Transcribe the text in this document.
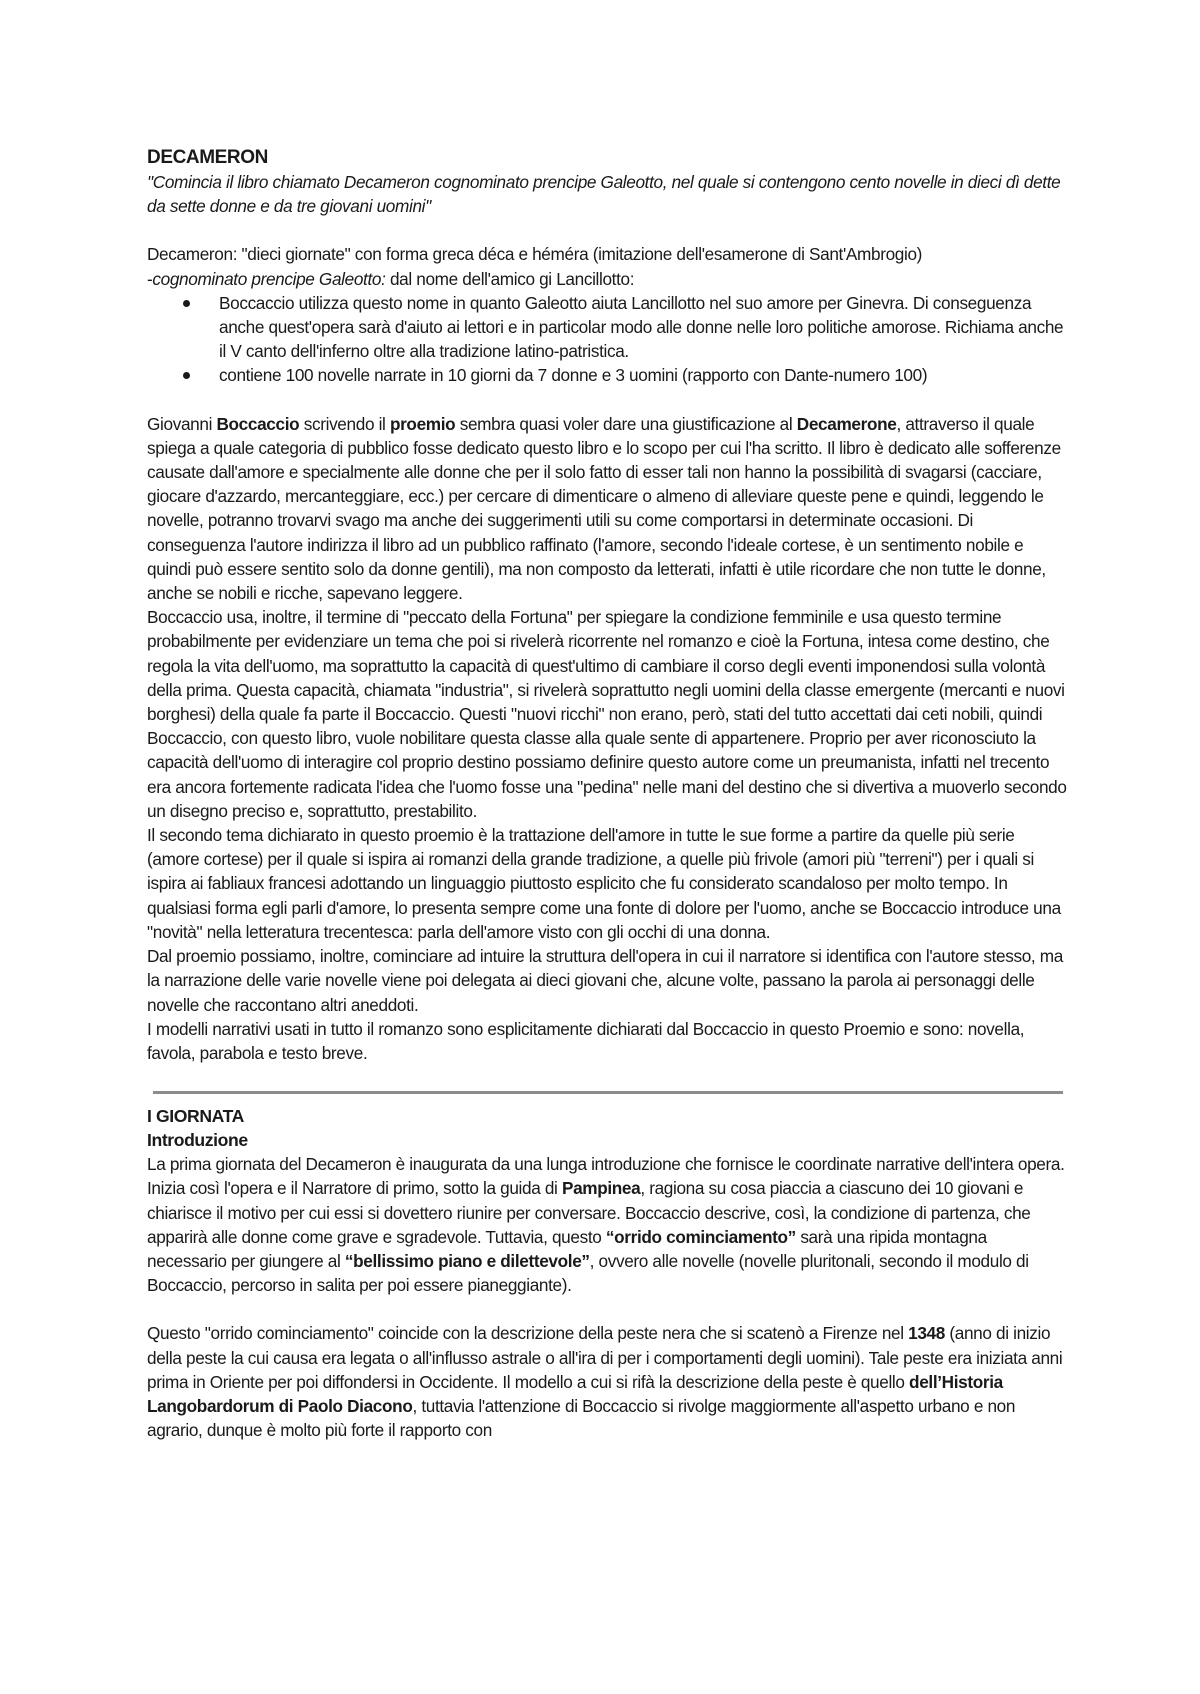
DECAMERON

"Comincia il libro chiamato Decameron cognominato prencipe Galeotto, nel quale si contengono cento novelle in dieci dì dette da sette donne e da tre giovani uomini"

Decameron: "dieci giornate" con forma greca déca e héméra (imitazione dell'esamerone di Sant'Ambrogio)

-cognominato prencipe Galeotto: dal nome dell'amico gi Lancillotto:

Boccaccio utilizza questo nome in quanto Galeotto aiuta Lancillotto nel suo amore per Ginevra. Di conseguenza anche quest'opera sarà d'aiuto ai lettori e in particolar modo alle donne nelle loro politiche amorose. Richiama anche il V canto dell'inferno oltre alla tradizione latino-patristica.
contiene 100 novelle narrate in 10 giorni da 7 donne e 3 uomini (rapporto con Dante-numero 100)

Giovanni Boccaccio scrivendo il proemio sembra quasi voler dare una giustificazione al Decamerone, attraverso il quale spiega a quale categoria di pubblico fosse dedicato questo libro e lo scopo per cui l'ha scritto. Il libro è dedicato alle sofferenze causate dall'amore e specialmente alle donne che per il solo fatto di esser tali non hanno la possibilità di svagarsi (cacciare, giocare d'azzardo, mercanteggiare, ecc.) per cercare di dimenticare o almeno di alleviare queste pene e quindi, leggendo le novelle, potranno trovarvi svago ma anche dei suggerimenti utili su come comportarsi in determinate occasioni. Di conseguenza l'autore indirizza il libro ad un pubblico raffinato (l'amore, secondo l'ideale cortese, è un sentimento nobile e quindi può essere sentito solo da donne gentili), ma non composto da letterati, infatti è utile ricordare che non tutte le donne, anche se nobili e ricche, sapevano leggere.

Boccaccio usa, inoltre, il termine di "peccato della Fortuna" per spiegare la condizione femminile e usa questo termine probabilmente per evidenziare un tema che poi si rivelerà ricorrente nel romanzo e cioè la Fortuna, intesa come destino, che regola la vita dell'uomo, ma soprattutto la capacità di quest'ultimo di cambiare il corso degli eventi imponendosi sulla volontà della prima. Questa capacità, chiamata "industria", si rivelerà soprattutto negli uomini della classe emergente (mercanti e nuovi borghesi) della quale fa parte il Boccaccio. Questi "nuovi ricchi" non erano, però, stati del tutto accettati dai ceti nobili, quindi Boccaccio, con questo libro, vuole nobilitare questa classe alla quale sente di appartenere. Proprio per aver riconosciuto la capacità dell'uomo di interagire col proprio destino possiamo definire questo autore come un preumanista, infatti nel trecento era ancora fortemente radicata l'idea che l'uomo fosse una "pedina" nelle mani del destino che si divertiva a muoverlo secondo un disegno preciso e, soprattutto, prestabilito.

Il secondo tema dichiarato in questo proemio è la trattazione dell'amore in tutte le sue forme a partire da quelle più serie (amore cortese) per il quale si ispira ai romanzi della grande tradizione, a quelle più frivole (amori più "terreni") per i quali si ispira ai fabliaux francesi adottando un linguaggio piuttosto esplicito che fu considerato scandaloso per molto tempo. In qualsiasi forma egli parli d'amore, lo presenta sempre come una fonte di dolore per l'uomo, anche se Boccaccio introduce una "novità" nella letteratura trecentesca: parla dell'amore visto con gli occhi di una donna.

Dal proemio possiamo, inoltre, cominciare ad intuire la struttura dell'opera in cui il narratore si identifica con l'autore stesso, ma la narrazione delle varie novelle viene poi delegata ai dieci giovani che, alcune volte, passano la parola ai personaggi delle novelle che raccontano altri aneddoti.

I modelli narrativi usati in tutto il romanzo sono esplicitamente dichiarati dal Boccaccio in questo Proemio e sono: novella, favola, parabola e testo breve.

I GIORNATA
Introduzione

La prima giornata del Decameron è inaugurata da una lunga introduzione che fornisce le coordinate narrative dell'intera opera. Inizia così l'opera e il Narratore di primo, sotto la guida di Pampinea, ragiona su cosa piaccia a ciascuno dei 10 giovani e chiarisce il motivo per cui essi si dovettero riunire per conversare. Boccaccio descrive, così, la condizione di partenza, che apparirà alle donne come grave e sgradevole. Tuttavia, questo “orrido cominciamento” sarà una ripida montagna necessario per giungere al “bellissimo piano e dilettevole”, ovvero alle novelle (novelle pluritonali, secondo il modulo di Boccaccio, percorso in salita per poi essere pianeggiante).

Questo "orrido cominciamento" coincide con la descrizione della peste nera che si scatenò a Firenze nel 1348 (anno di inizio della peste la cui causa era legata o all'influsso astrale o all'ira di per i comportamenti degli uomini). Tale peste era iniziata anni prima in Oriente per poi diffondersi in Occidente. Il modello a cui si rifà la descrizione della peste è quello dell’Historia Langobardorum di Paolo Diacono, tuttavia l'attenzione di Boccaccio si rivolge maggiormente all'aspetto urbano e non agrario, dunque è molto più forte il rapporto con
